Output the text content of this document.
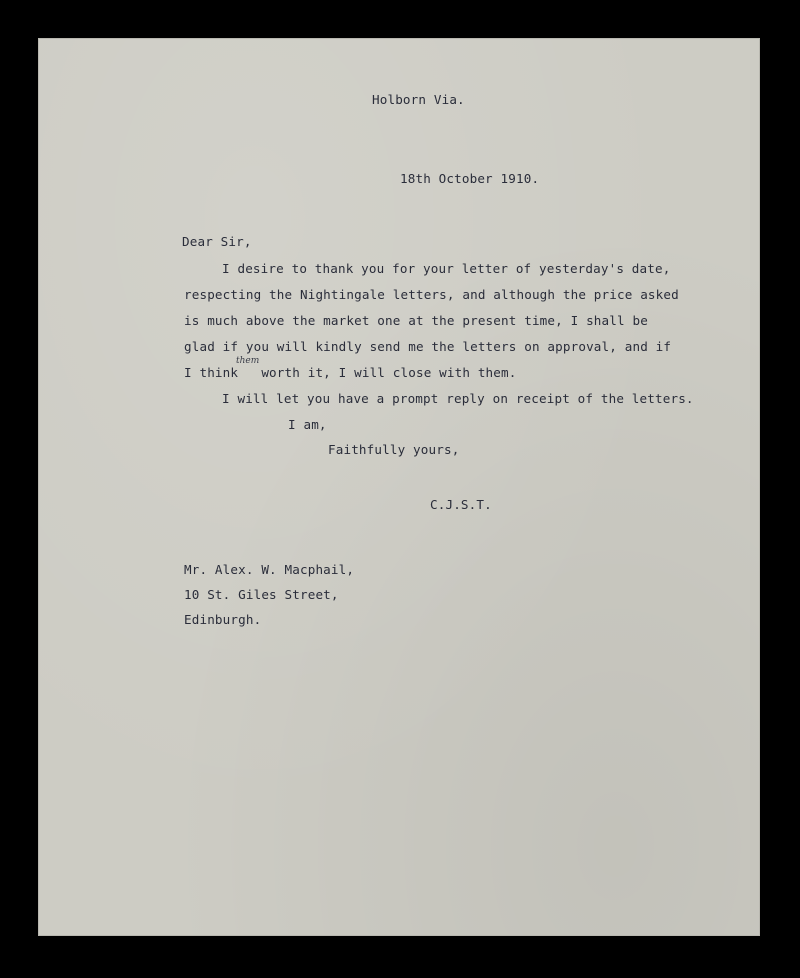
Holborn Via.
18th October 1910.
Dear Sir,
I desire to thank you for your letter of yesterday's date,
respecting the Nightingale letters, and although the price asked
is much above the market one at the present time, I shall be
glad if you will kindly send me the letters on approval, and if
I think   worth it, I will close with them.
them
I will let you have a prompt reply on receipt of the letters.
I am,
Faithfully yours,
C.J.S.T.
Mr. Alex. W. Macphail,
10 St. Giles Street,
Edinburgh.
